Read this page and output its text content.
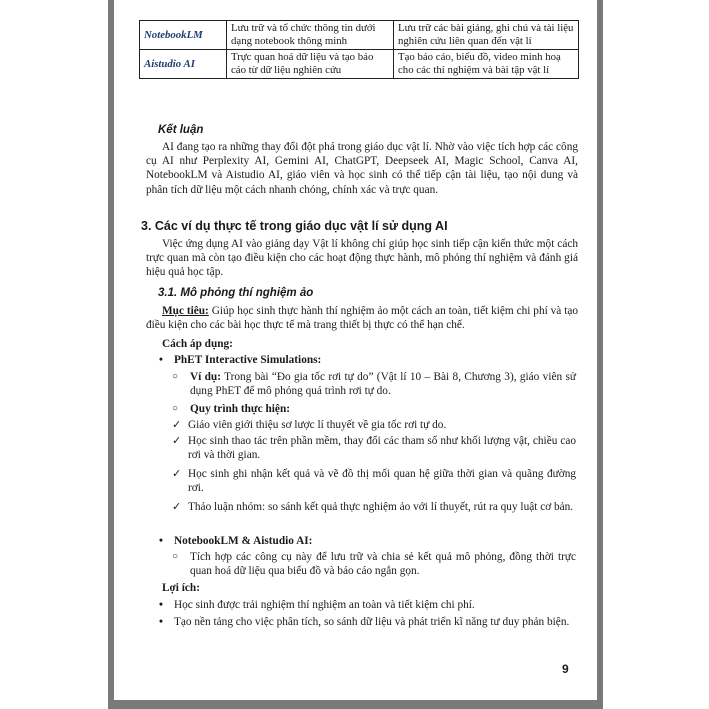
NotebookLM	Lưu trữ và tổ chức thông tin dưới dạng notebook thông minh	Lưu trữ các bài giảng, ghi chú và tài liệu nghiên cứu liên quan đến vật lí
Aistudio AI	Trực quan hoá dữ liệu và tạo báo cáo từ dữ liệu nghiên cứu	Tạo báo cáo, biểu đồ, video minh hoạ cho các thí nghiệm và bài tập vật lí
Kết luận
AI đang tạo ra những thay đổi đột phá trong giáo dục vật lí. Nhờ vào việc tích hợp các công cụ AI như Perplexity AI, Gemini AI, ChatGPT, Deepseek AI, Magic School, Canva AI, NotebookLM và Aistudio AI, giáo viên và học sinh có thể tiếp cận tài liệu, tạo nội dung và phân tích dữ liệu một cách nhanh chóng, chính xác và trực quan.
3. Các ví dụ thực tế trong giáo dục vật lí sử dụng AI
Việc ứng dụng AI vào giảng dạy Vật lí không chỉ giúp học sinh tiếp cận kiến thức một cách trực quan mà còn tạo điều kiện cho các hoạt động thực hành, mô phỏng thí nghiệm và đánh giá hiệu quả học tập.
3.1. Mô phỏng thí nghiệm ảo
Mục tiêu: Giúp học sinh thực hành thí nghiệm ảo một cách an toàn, tiết kiệm chi phí và tạo điều kiện cho các bài học thực tế mà trang thiết bị thực có thể hạn chế.
Cách áp dụng:
• PhET Interactive Simulations:
○ Ví dụ: Trong bài “Đo gia tốc rơi tự do” (Vật lí 10 – Bài 8, Chương 3), giáo viên sử dụng PhET để mô phỏng quá trình rơi tự do.
○ Quy trình thực hiện:
✓ Giáo viên giới thiệu sơ lược lí thuyết về gia tốc rơi tự do.
✓ Học sinh thao tác trên phần mềm, thay đổi các tham số như khối lượng vật, chiều cao rơi và thời gian.
✓ Học sinh ghi nhận kết quả và vẽ đồ thị mối quan hệ giữa thời gian và quãng đường rơi.
✓ Thảo luận nhóm: so sánh kết quả thực nghiệm ảo với lí thuyết, rút ra quy luật cơ bản.
• NotebookLM & Aistudio AI:
○ Tích hợp các công cụ này để lưu trữ và chia sẻ kết quả mô phỏng, đồng thời trực quan hoá dữ liệu qua biểu đồ và báo cáo ngắn gọn.
Lợi ích:
• Học sinh được trải nghiệm thí nghiệm an toàn và tiết kiệm chi phí.
• Tạo nền tảng cho việc phân tích, so sánh dữ liệu và phát triển kĩ năng tư duy phản biện.
9
